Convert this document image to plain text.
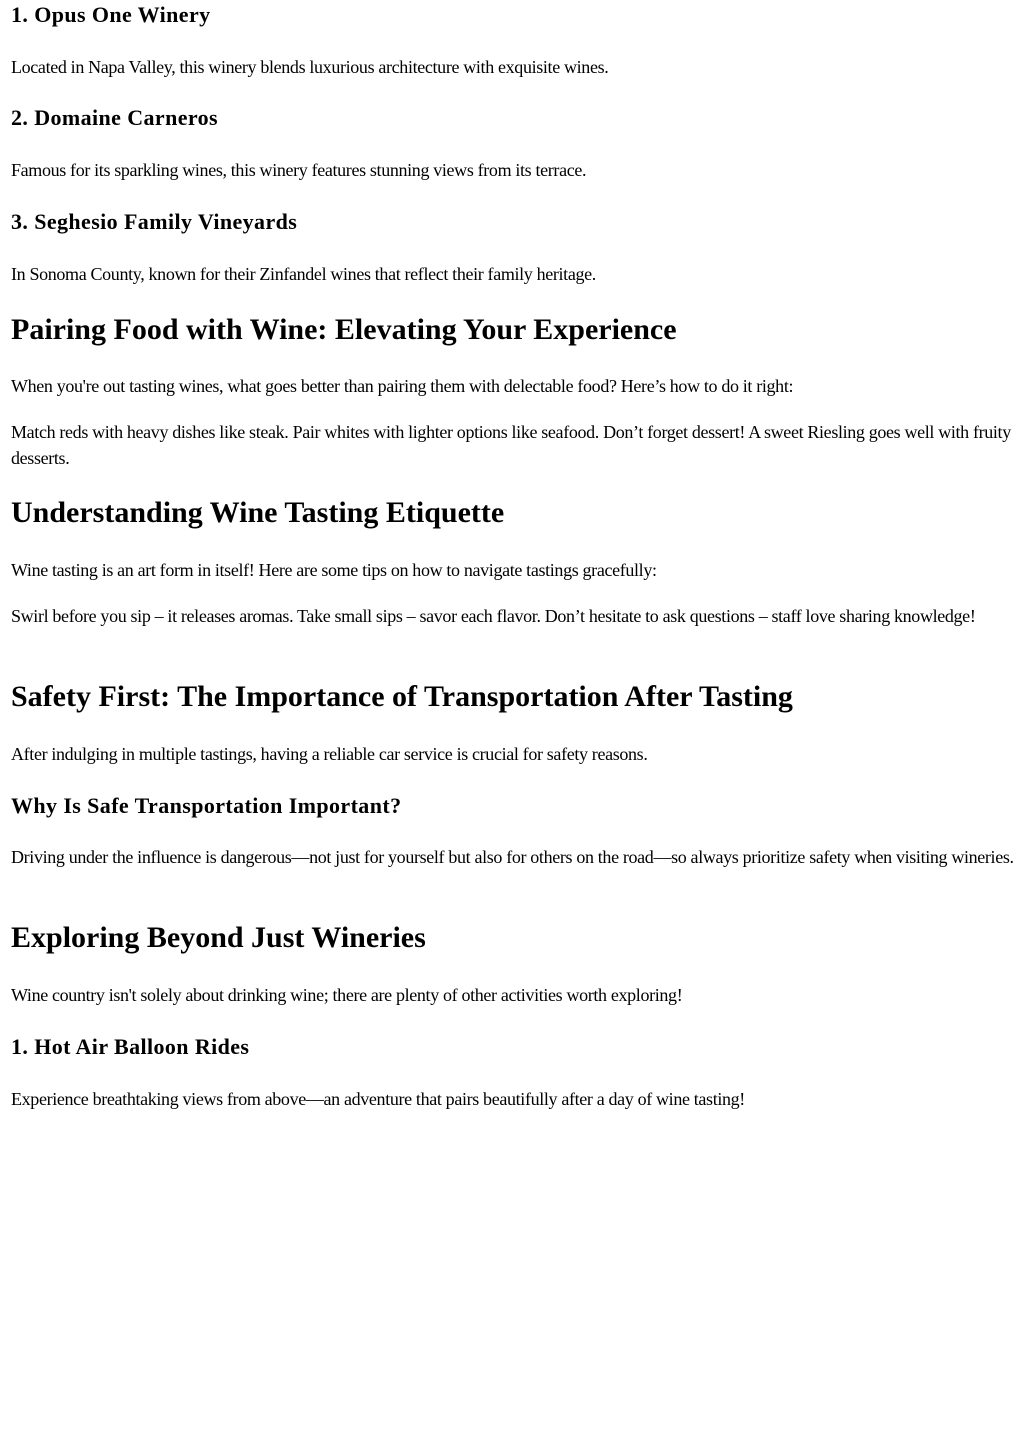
1. Opus One Winery

Located in Napa Valley, this winery blends luxurious architecture with exquisite wines.

2. Domaine Carneros

Famous for its sparkling wines, this winery features stunning views from its terrace.

3. Seghesio Family Vineyards

In Sonoma County, known for their Zinfandel wines that reflect their family heritage.

Pairing Food with Wine: Elevating Your Experience

When you're out tasting wines, what goes better than pairing them with delectable food? Here’s how to do it right:

Match reds with heavy dishes like steak. Pair whites with lighter options like seafood. Don’t forget dessert! A sweet Riesling goes well with fruity desserts.

Understanding Wine Tasting Etiquette

Wine tasting is an art form in itself! Here are some tips on how to navigate tastings gracefully:

Swirl before you sip – it releases aromas. Take small sips – savor each flavor. Don’t hesitate to ask questions – staff love sharing knowledge!

Safety First: The Importance of Transportation After Tasting

After indulging in multiple tastings, having a reliable car service is crucial for safety reasons.

Why Is Safe Transportation Important?

Driving under the influence is dangerous—not just for yourself but also for others on the road—so always prioritize safety when visiting wineries.

Exploring Beyond Just Wineries

Wine country isn't solely about drinking wine; there are plenty of other activities worth exploring!

1. Hot Air Balloon Rides

Experience breathtaking views from above—an adventure that pairs beautifully after a day of wine tasting!
